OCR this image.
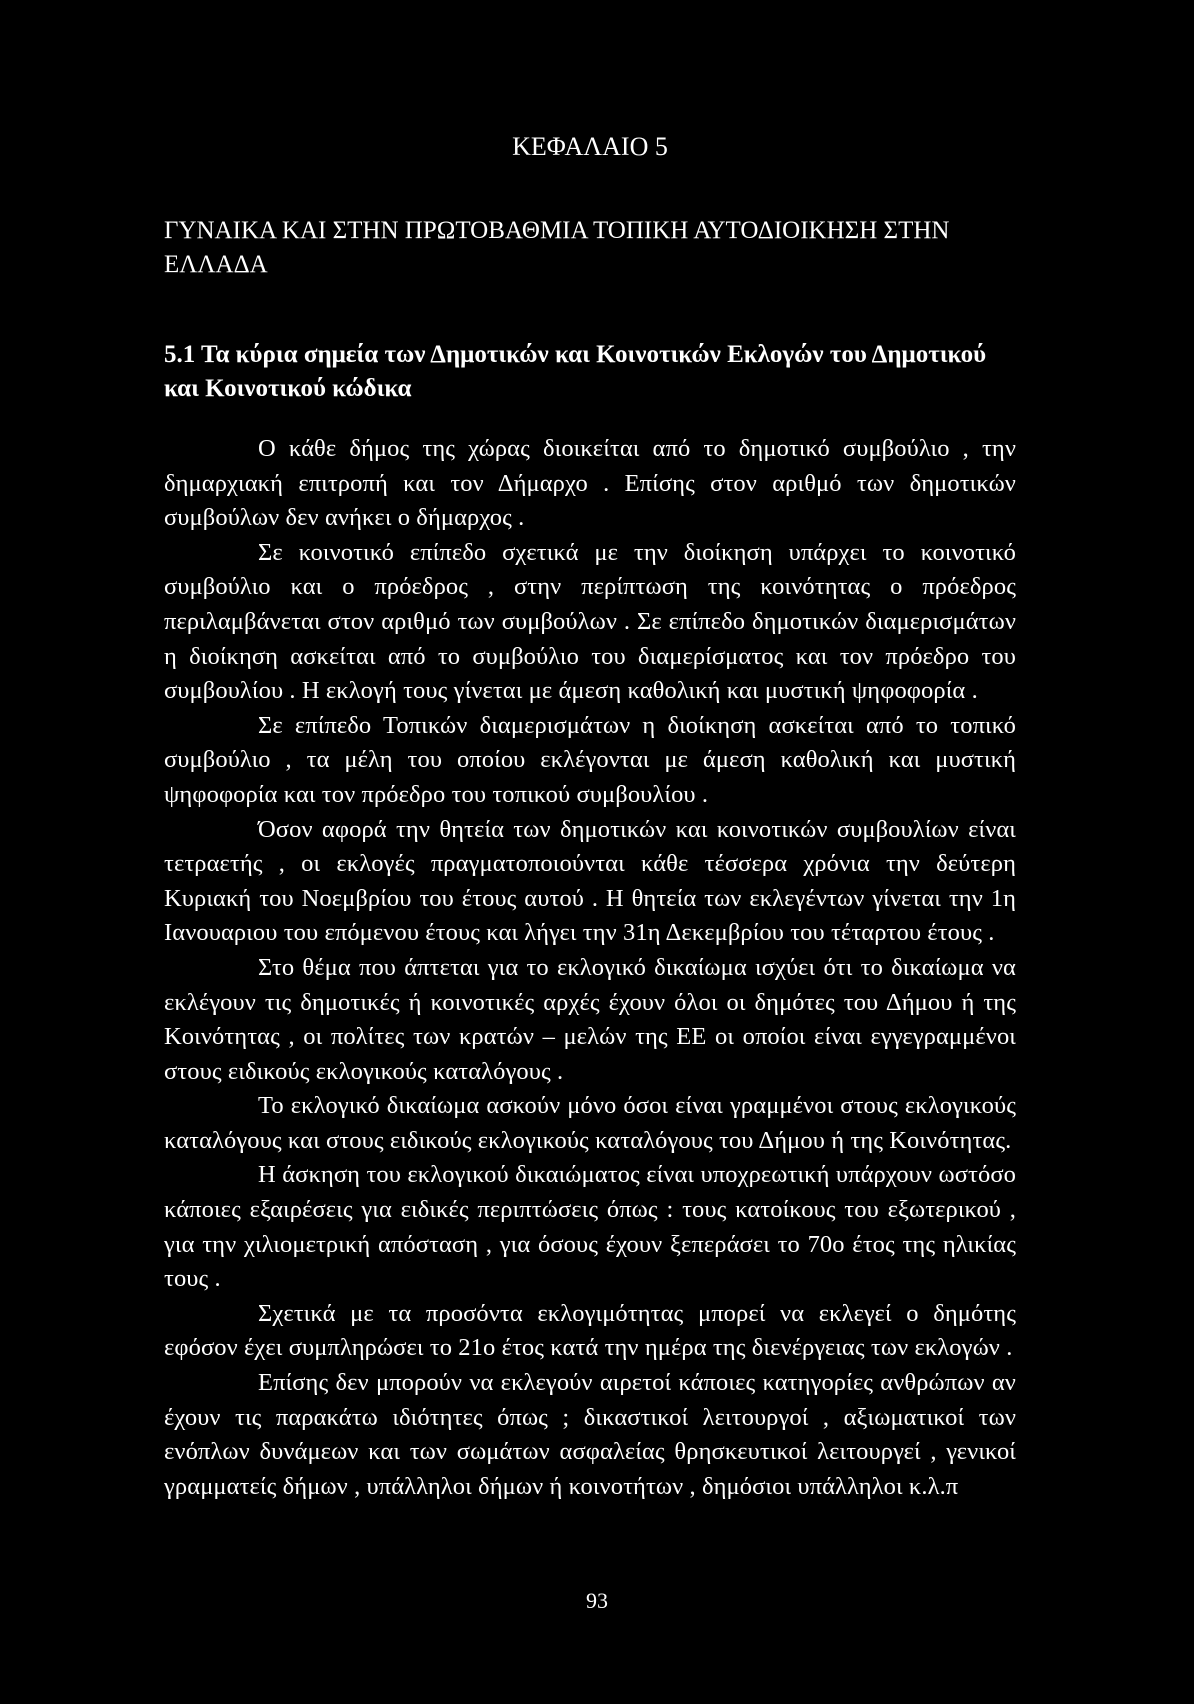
ΚΕΦΑΛΑΙΟ 5
ΓΥΝΑΙΚΑ ΚΑΙ ΣΤΗΝ ΠΡΩΤΟΒΑΘΜΙΑ ΤΟΠΙΚΗ ΑΥΤΟΔΙΟΙΚΗΣΗ ΣΤΗΝ ΕΛΛΑΔΑ
5.1 Τα κύρια σημεία των Δημοτικών και Κοινοτικών Εκλογών του Δημοτικού και Κοινοτικού κώδικα

Ο κάθε δήμος της χώρας διοικείται από το δημοτικό συμβούλιο , την δημαρχιακή επιτροπή και τον Δήμαρχο . Επίσης στον αριθμό των δημοτικών συμβούλων δεν ανήκει ο δήμαρχος .

Σε κοινοτικό επίπεδο σχετικά με την διοίκηση υπάρχει το κοινοτικό συμβούλιο και ο πρόεδρος , στην περίπτωση της κοινότητας ο πρόεδρος περιλαμβάνεται στον αριθμό των συμβούλων . Σε επίπεδο δημοτικών διαμερισμάτων η διοίκηση ασκείται από το συμβούλιο του διαμερίσματος και τον πρόεδρο του συμβουλίου . Η εκλογή τους γίνεται με άμεση καθολική και μυστική ψηφοφορία .

Σε επίπεδο Τοπικών διαμερισμάτων η διοίκηση ασκείται από το τοπικό συμβούλιο , τα μέλη του οποίου εκλέγονται με άμεση καθολική και μυστική ψηφοφορία και τον πρόεδρο του τοπικού συμβουλίου .

Όσον αφορά την θητεία των δημοτικών και κοινοτικών συμβουλίων είναι τετραετής , οι εκλογές πραγματοποιούνται κάθε τέσσερα χρόνια την δεύτερη Κυριακή του Νοεμβρίου του έτους αυτού . Η θητεία των εκλεγέντων γίνεται την 1η Ιανουαριου του επόμενου έτους και λήγει την 31η Δεκεμβρίου του τέταρτου έτους .

Στο θέμα που άπτεται για το εκλογικό δικαίωμα ισχύει ότι το δικαίωμα να εκλέγουν τις δημοτικές ή κοινοτικές αρχές έχουν όλοι οι δημότες του Δήμου ή της Κοινότητας , οι πολίτες των κρατών – μελών της ΕΕ οι οποίοι είναι εγγεγραμμένοι στους ειδικούς εκλογικούς καταλόγους .

Το εκλογικό δικαίωμα ασκούν μόνο όσοι είναι γραμμένοι στους εκλογικούς καταλόγους και στους ειδικούς εκλογικούς καταλόγους του Δήμου ή της Κοινότητας.

Η άσκηση του εκλογικού δικαιώματος είναι υποχρεωτική υπάρχουν ωστόσο κάποιες εξαιρέσεις για ειδικές περιπτώσεις όπως : τους κατοίκους του εξωτερικού , για την χιλιομετρική απόσταση , για όσους έχουν ξεπεράσει το 70ο έτος της ηλικίας τους .

Σχετικά με τα προσόντα εκλογιμότητας μπορεί να εκλεγεί ο δημότης εφόσον έχει συμπληρώσει το 21ο έτος κατά την ημέρα της διενέργειας των εκλογών .

Επίσης δεν μπορούν να εκλεγούν αιρετοί κάποιες κατηγορίες ανθρώπων αν έχουν τις παρακάτω ιδιότητες όπως ; δικαστικοί λειτουργοί , αξιωματικοί των ενόπλων δυνάμεων και των σωμάτων ασφαλείας θρησκευτικοί λειτουργεί , γενικοί γραμματείς δήμων , υπάλληλοι δήμων ή κοινοτήτων , δημόσιοι υπάλληλοι κ.λ.π

93
